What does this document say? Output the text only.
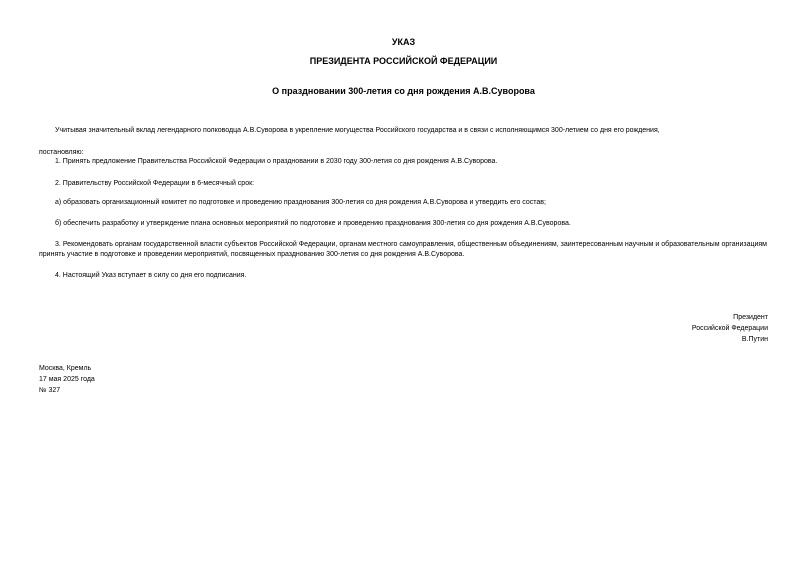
УКАЗ
ПРЕЗИДЕНТА РОССИЙСКОЙ ФЕДЕРАЦИИ
О праздновании 300-летия со дня рождения А.В.Суворова
Учитывая значительный вклад легендарного полководца А.В.Суворова в укрепление могущества Российского государства и в связи с исполняющимся 300-летием со дня его рождения,
постановляю:
1. Принять предложение Правительства Российской Федерации о праздновании в 2030 году 300-летия со дня рождения А.В.Суворова.
2. Правительству Российской Федерации в 6-месячный срок:
а) образовать организационный комитет по подготовке и проведению празднования 300-летия со дня рождения А.В.Суворова и утвердить его состав;
б) обеспечить разработку и утверждение плана основных мероприятий по подготовке и проведению празднования 300-летия со дня рождения А.В.Суворова.
3. Рекомендовать органам государственной власти субъектов Российской Федерации, органам местного самоуправления, общественным объединениям, заинтересованным научным и образовательным организациям принять участие в подготовке и проведении мероприятий, посвященных празднованию 300-летия со дня рождения А.В.Суворова.
4. Настоящий Указ вступает в силу со дня его подписания.
Президент
Российской Федерации
В.Путин
Москва, Кремль
17 мая 2025 года
№ 327
